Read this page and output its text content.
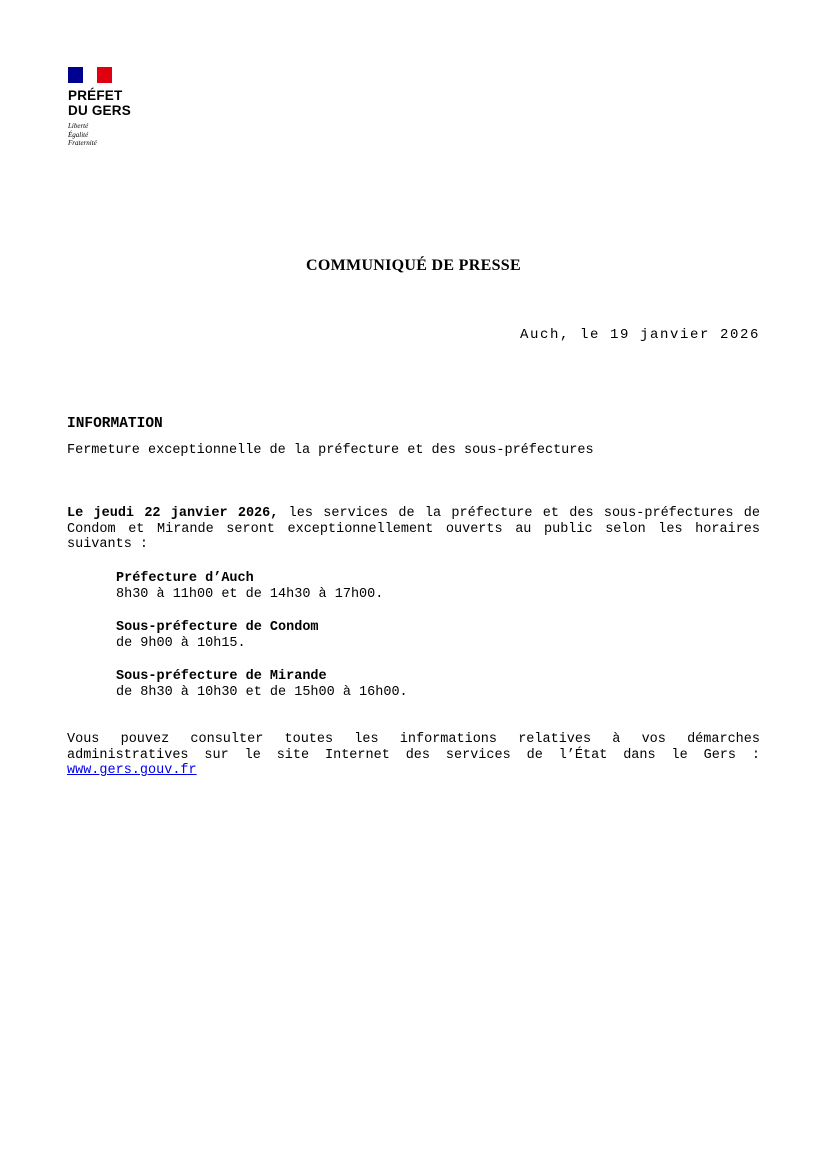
PRÉFET
DU GERS
Liberté
Égalité
Fraternité
COMMUNIQUÉ DE PRESSE
Auch, le 19 janvier 2026
INFORMATION
Fermeture exceptionnelle de la préfecture et des sous-préfectures
Le jeudi 22 janvier 2026, les services de la préfecture et des sous-préfectures de Condom et Mirande seront exceptionnellement ouverts au public selon les horaires suivants :
Préfecture d’Auch
8h30 à 11h00 et de 14h30 à 17h00.
Sous-préfecture de Condom
de 9h00 à 10h15.
Sous-préfecture de Mirande
de 8h30 à 10h30 et de 15h00 à 16h00.
Vous pouvez consulter toutes les informations relatives à vos démarches administratives sur le site Internet des services de l’État dans le Gers : www.gers.gouv.fr
